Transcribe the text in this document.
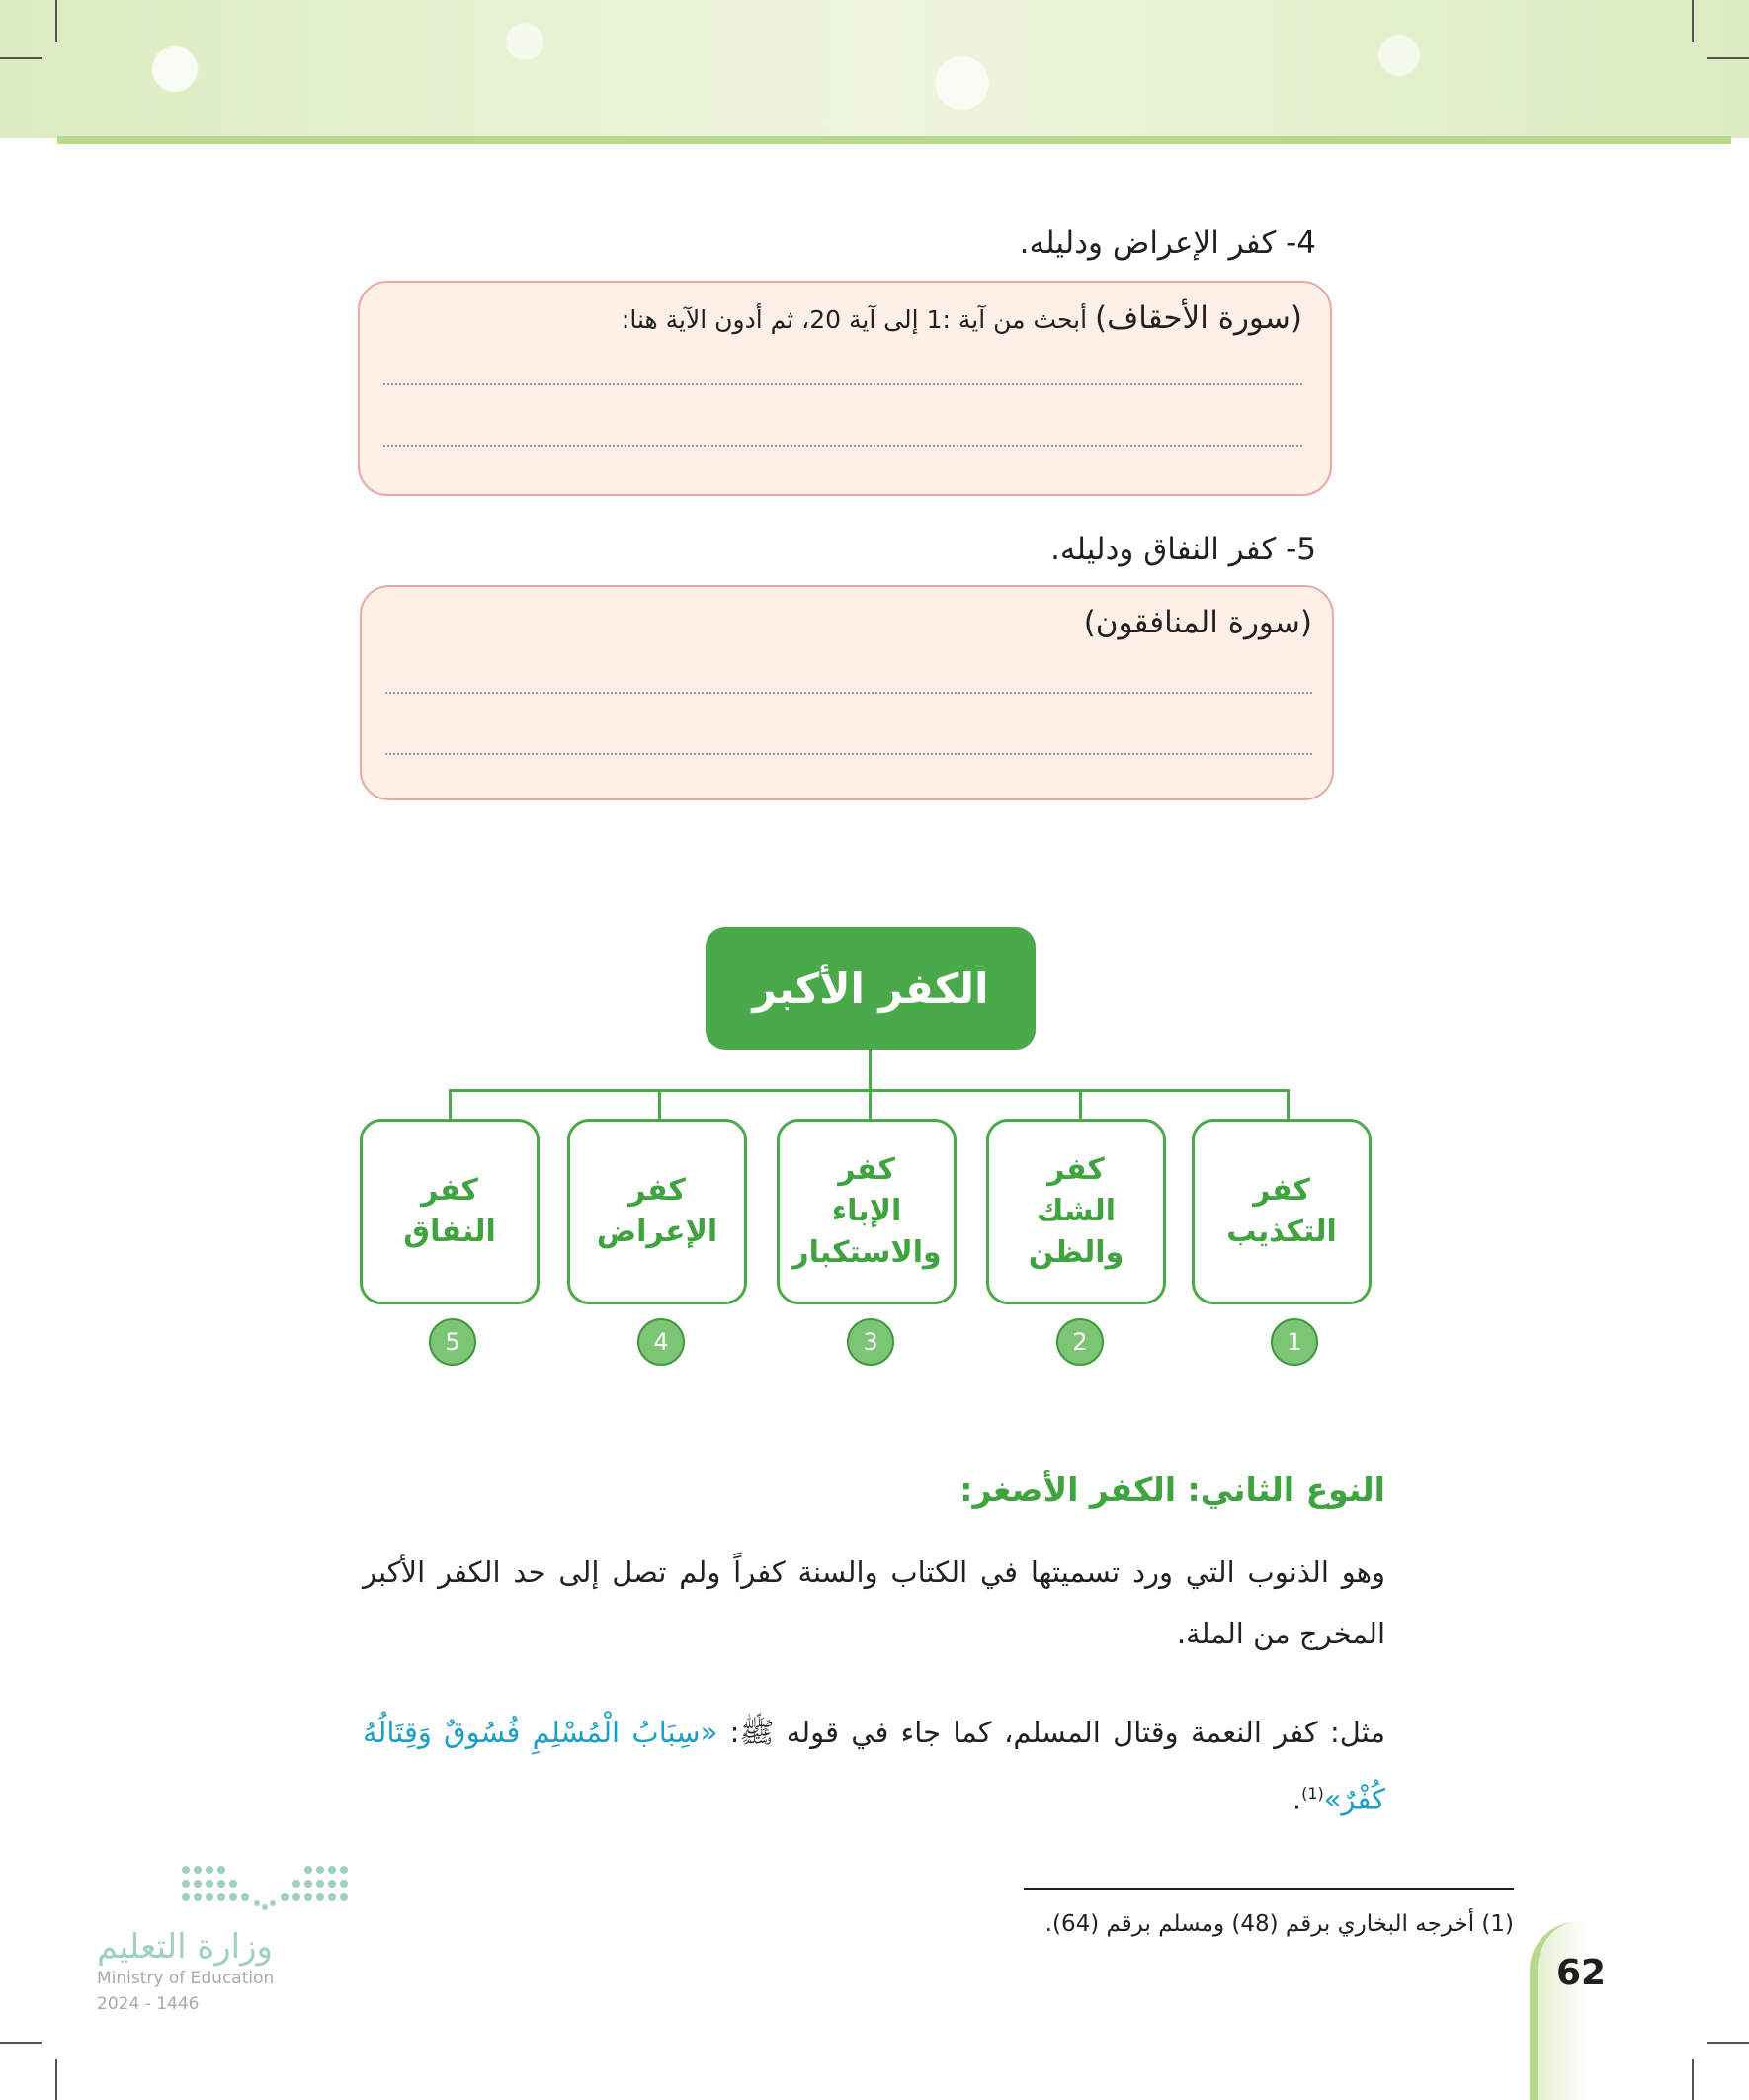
4- كفر الإعراض ودليله.
(سورة الأحقاف) أبحث من آية :1 إلى آية 20، ثم أدون الآية هنا:
5- كفر النفاق ودليله.
(سورة المنافقون)
الكفر الأكبر
كفر
التكذيب
1
كفر
الشك
والظن
2
كفر
الإباء
والاستكبار
3
كفر
الإعراض
4
كفر
النفاق
5
النوع الثاني: الكفر الأصغر:
وهو الذنوب التي ورد تسميتها في الكتاب والسنة كفراً ولم تصل إلى حد الكفر الأكبر المخرج من الملة.
مثل: كفر النعمة وقتال المسلم، كما جاء في قوله ﷺ: «سِبَابُ الْمُسْلِمِ فُسُوقٌ وَقِتَالُهُ كُفْرٌ»$^{(1)}$.
(1) أخرجه البخاري برقم (48) ومسلم برقم (64).
62
وزارة التعليم
Ministry of Education
2024 - 1446
